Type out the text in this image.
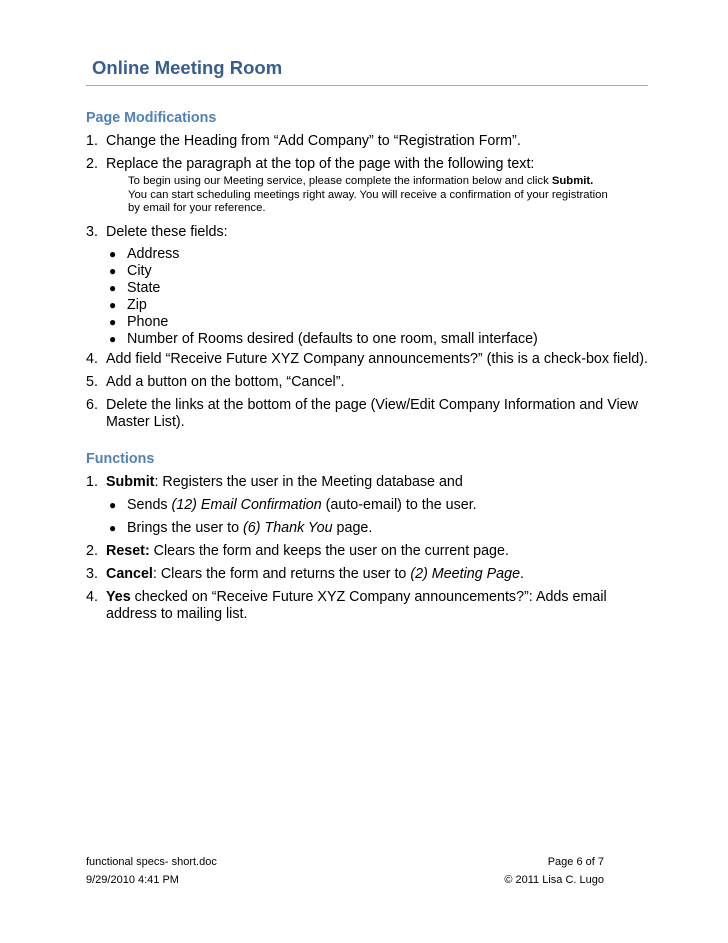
Online Meeting Room
Page Modifications
1. Change the Heading from “Add Company” to “Registration Form”.
2. Replace the paragraph at the top of the page with the following text:
To begin using our Meeting service, please complete the information below and click Submit.
You can start scheduling meetings right away. You will receive a confirmation of your registration
by email for your reference.
3. Delete these fields:
● Address
● City
● State
● Zip
● Phone
● Number of Rooms desired (defaults to one room, small interface)
4. Add field “Receive Future XYZ Company announcements?” (this is a check-box field).
5. Add a button on the bottom, “Cancel”.
6. Delete the links at the bottom of the page (View/Edit Company Information and View Master List).
Functions
1. Submit: Registers the user in the Meeting database and
● Sends (12) Email Confirmation (auto-email) to the user.
● Brings the user to (6) Thank You page.
2. Reset: Clears the form and keeps the user on the current page.
3. Cancel: Clears the form and returns the user to (2) Meeting Page.
4. Yes checked on “Receive Future XYZ Company announcements?”: Adds email address to mailing list.
functional specs- short.doc	Page 6 of 7
9/29/2010 4:41 PM	© 2011 Lisa C. Lugo
